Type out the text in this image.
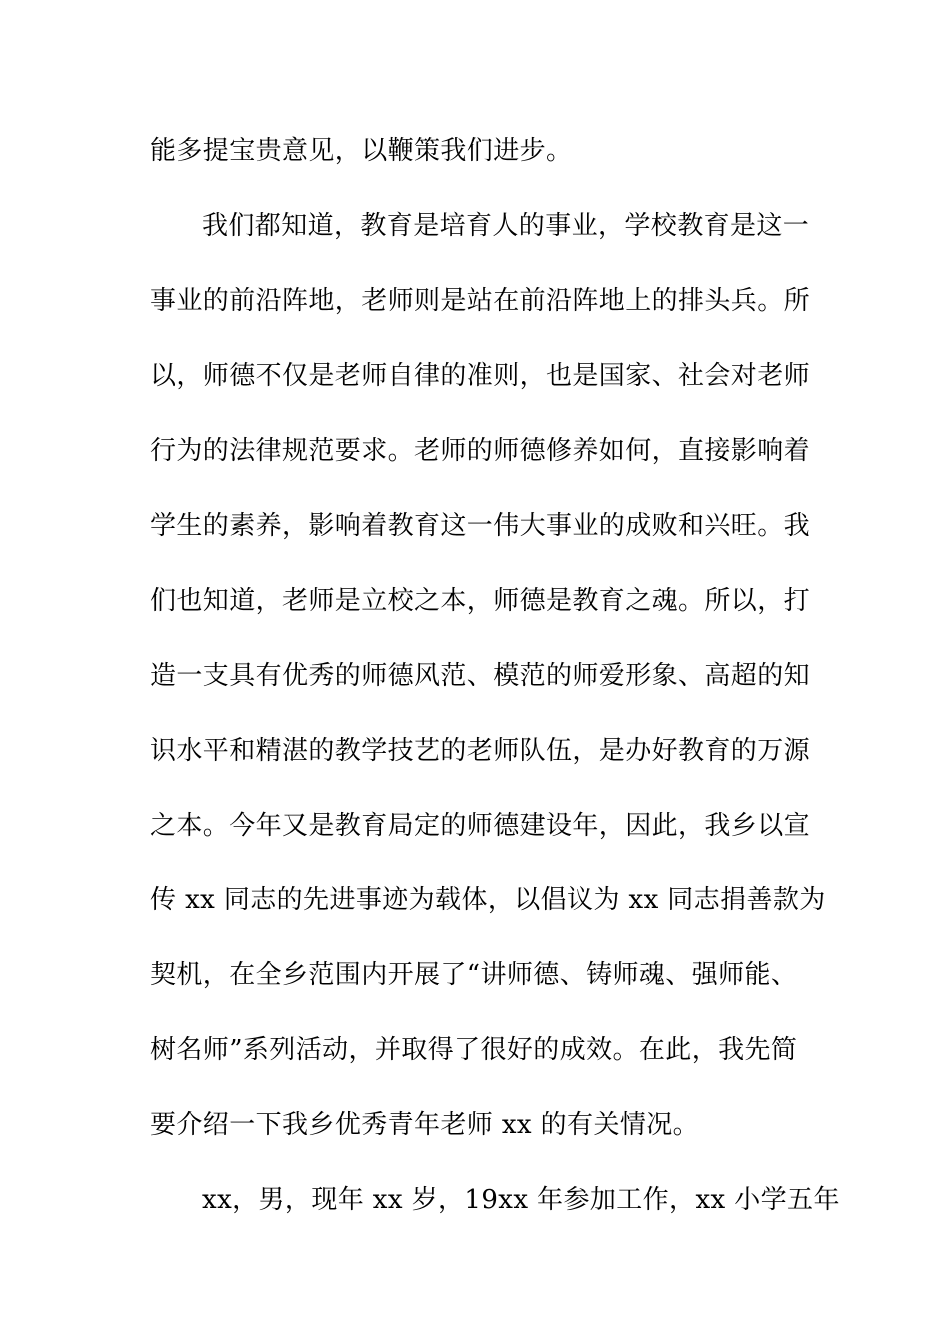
能多提宝贵意见，以鞭策我们进步。
我们都知道，教育是培育人的事业，学校教育是这一
事业的前沿阵地，老师则是站在前沿阵地上的排头兵。所
以，师德不仅是老师自律的准则，也是国家、社会对老师
行为的法律规范要求。老师的师德修养如何，直接影响着
学生的素养，影响着教育这一伟大事业的成败和兴旺。我
们也知道，老师是立校之本，师德是教育之魂。所以，打
造一支具有优秀的师德风范、模范的师爱形象、高超的知
识水平和精湛的教学技艺的老师队伍，是办好教育的万源
之本。今年又是教育局定的师德建设年，因此，我乡以宣
传 xx 同志的先进事迹为载体，以倡议为 xx 同志捐善款为
契机，在全乡范围内开展了“讲师德、铸师魂、强师能、
树名师”系列活动，并取得了很好的成效。在此，我先简
要介绍一下我乡优秀青年老师 xx 的有关情况。
xx，男，现年 xx 岁，19xx 年参加工作，xx 小学五年
